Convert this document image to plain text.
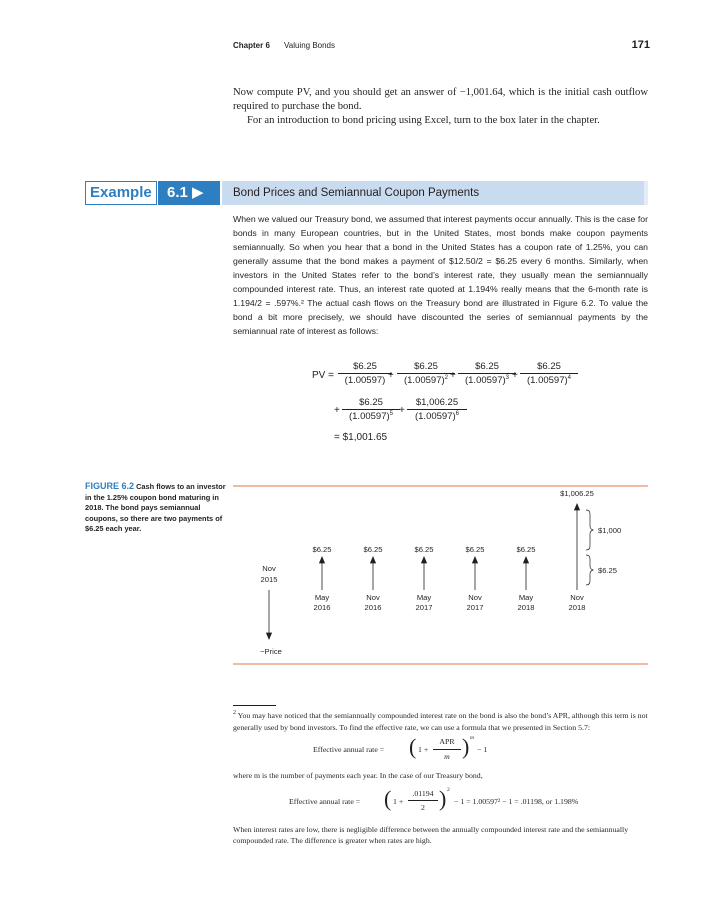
Chapter 6 Valuing Bonds	171

Now compute PV, and you should get an answer of −1,001.64, which is the initial cash outflow required to purchase the bond.

For an introduction to bond pricing using Excel, turn to the box later in the chapter.

Example	6.1 ▶	Bond Prices and Semiannual Coupon Payments

When we valued our Treasury bond, we assumed that interest payments occur annually. This is the case for bonds in many European countries, but in the United States, most bonds make coupon payments semiannually. So when you hear that a bond in the United States has a coupon rate of 1.25%, you can generally assume that the bond makes a payment of $12.50/2 = $6.25 every 6 months. Similarly, when investors in the United States refer to the bond’s interest rate, they usually mean the semiannually compounded interest rate. Thus, an interest rate quoted at 1.194% really means that the 6-month rate is 1.194/2 = .597%.² The actual cash flows on the Treasury bond are illustrated in Figure 6.2. To value the bond a bit more precisely, we should have discounted the series of semiannual payments by the semiannual rate of interest as follows:

PV = $\frac{\$6.25}{(1.00597)}$
+ $\frac{\$6.25}{(1.00597)^2}$
+ $\frac{\$6.25}{(1.00597)^3}$
+ $\frac{\$6.25}{(1.00597)^4}$
+ $\frac{\$6.25}{(1.00597)^5} + \frac{\$1,006.25}{(1.00597)^6}$
= $1,001.65
FIGURE 6.2 Cash flows to an investor in the 1.25% coupon bond maturing in 2018. The bond pays semiannual coupons, so there are two payments of $6.25 each year.
$1,006.25
$1,000
$6.25
$6.25	$6.25	$6.25	$6.25	$6.25
Nov
2015
May
2016
Nov
2016
May
2017
Nov
2017
May
2018
Nov
2018
−Price

$^2$ You may have noticed that the semiannually compounded interest rate on the bond is also the bond’s APR, although this term is not generally used by bond investors. To find the effective rate, we can use a formula that we presented in Section 5.7:

Effective annual rate = ( 1 +
APR
m ) m
− 1

where m is the number of payments each year. In the case of our Treasury bond,

Effective annual rate = ( $1 + \frac{.01194}{2}$ ) 2
− 1 = 1.00597² − 1 = .01198, or 1.198%

When interest rates are low, there is negligible difference between the annually compounded interest rate and the semiannually compounded rate. The difference is greater when rates are high.
